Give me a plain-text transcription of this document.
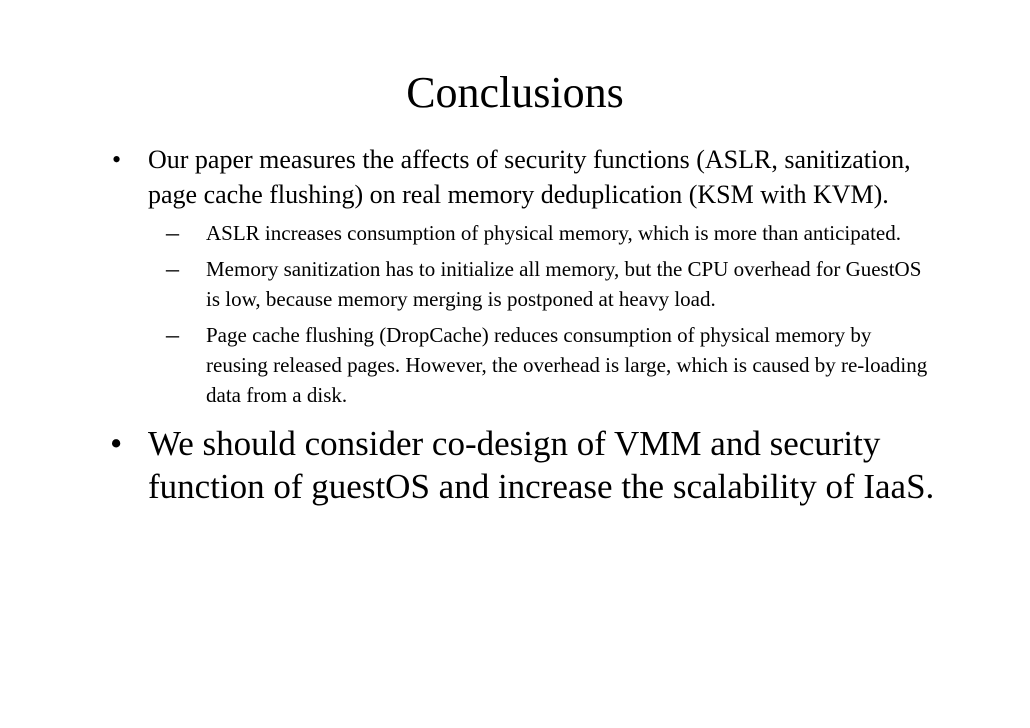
Conclusions
• Our paper measures the affects of security functions (ASLR, sanitization, page cache flushing) on real memory deduplication (KSM with KVM).
– ASLR increases consumption of physical memory, which is more than anticipated.
– Memory sanitization has to initialize all memory, but the CPU overhead for GuestOS is low, because memory merging is postponed at heavy load.
– Page cache flushing (DropCache) reduces consumption of physical memory by reusing released pages. However, the overhead is large, which is caused by re-loading data from a disk.
• We should consider co-design of VMM and security function of guestOS and increase the scalability of IaaS.
